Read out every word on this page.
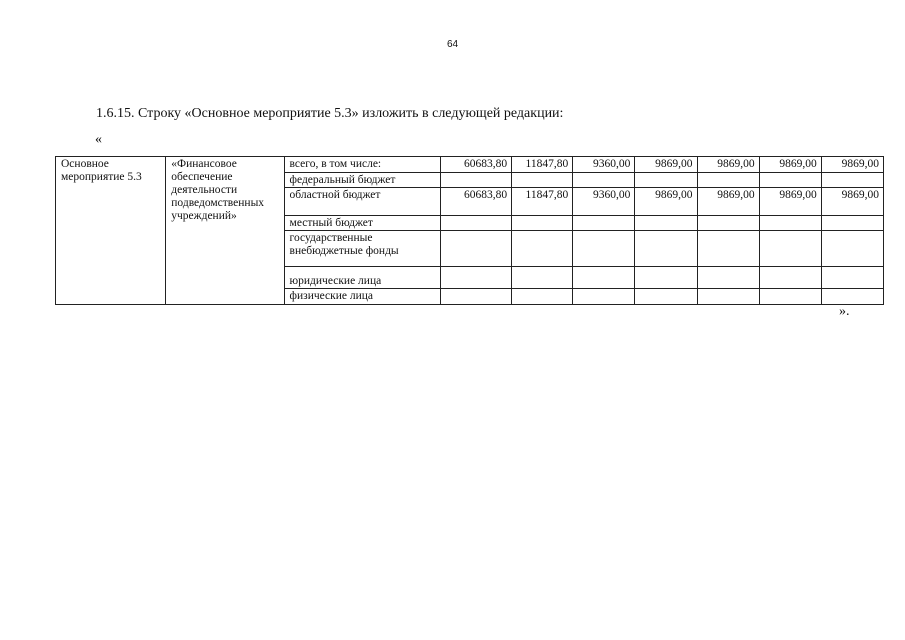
64
1.6.15. Строку «Основное мероприятие 5.3» изложить в следующей редакции:
«
Основное мероприятие 5.3	«Финансовое обеспечение деятельности подведомственных учреждений»	всего, в том числе:	60683,80	11847,80	9360,00	9869,00	9869,00	9869,00	9869,00
		федеральный бюджет							
		областной бюджет	60683,80	11847,80	9360,00	9869,00	9869,00	9869,00	9869,00
		местный бюджет							
		государственные внебюджетные фонды							
		юридические лица							
		физические лица							
».
